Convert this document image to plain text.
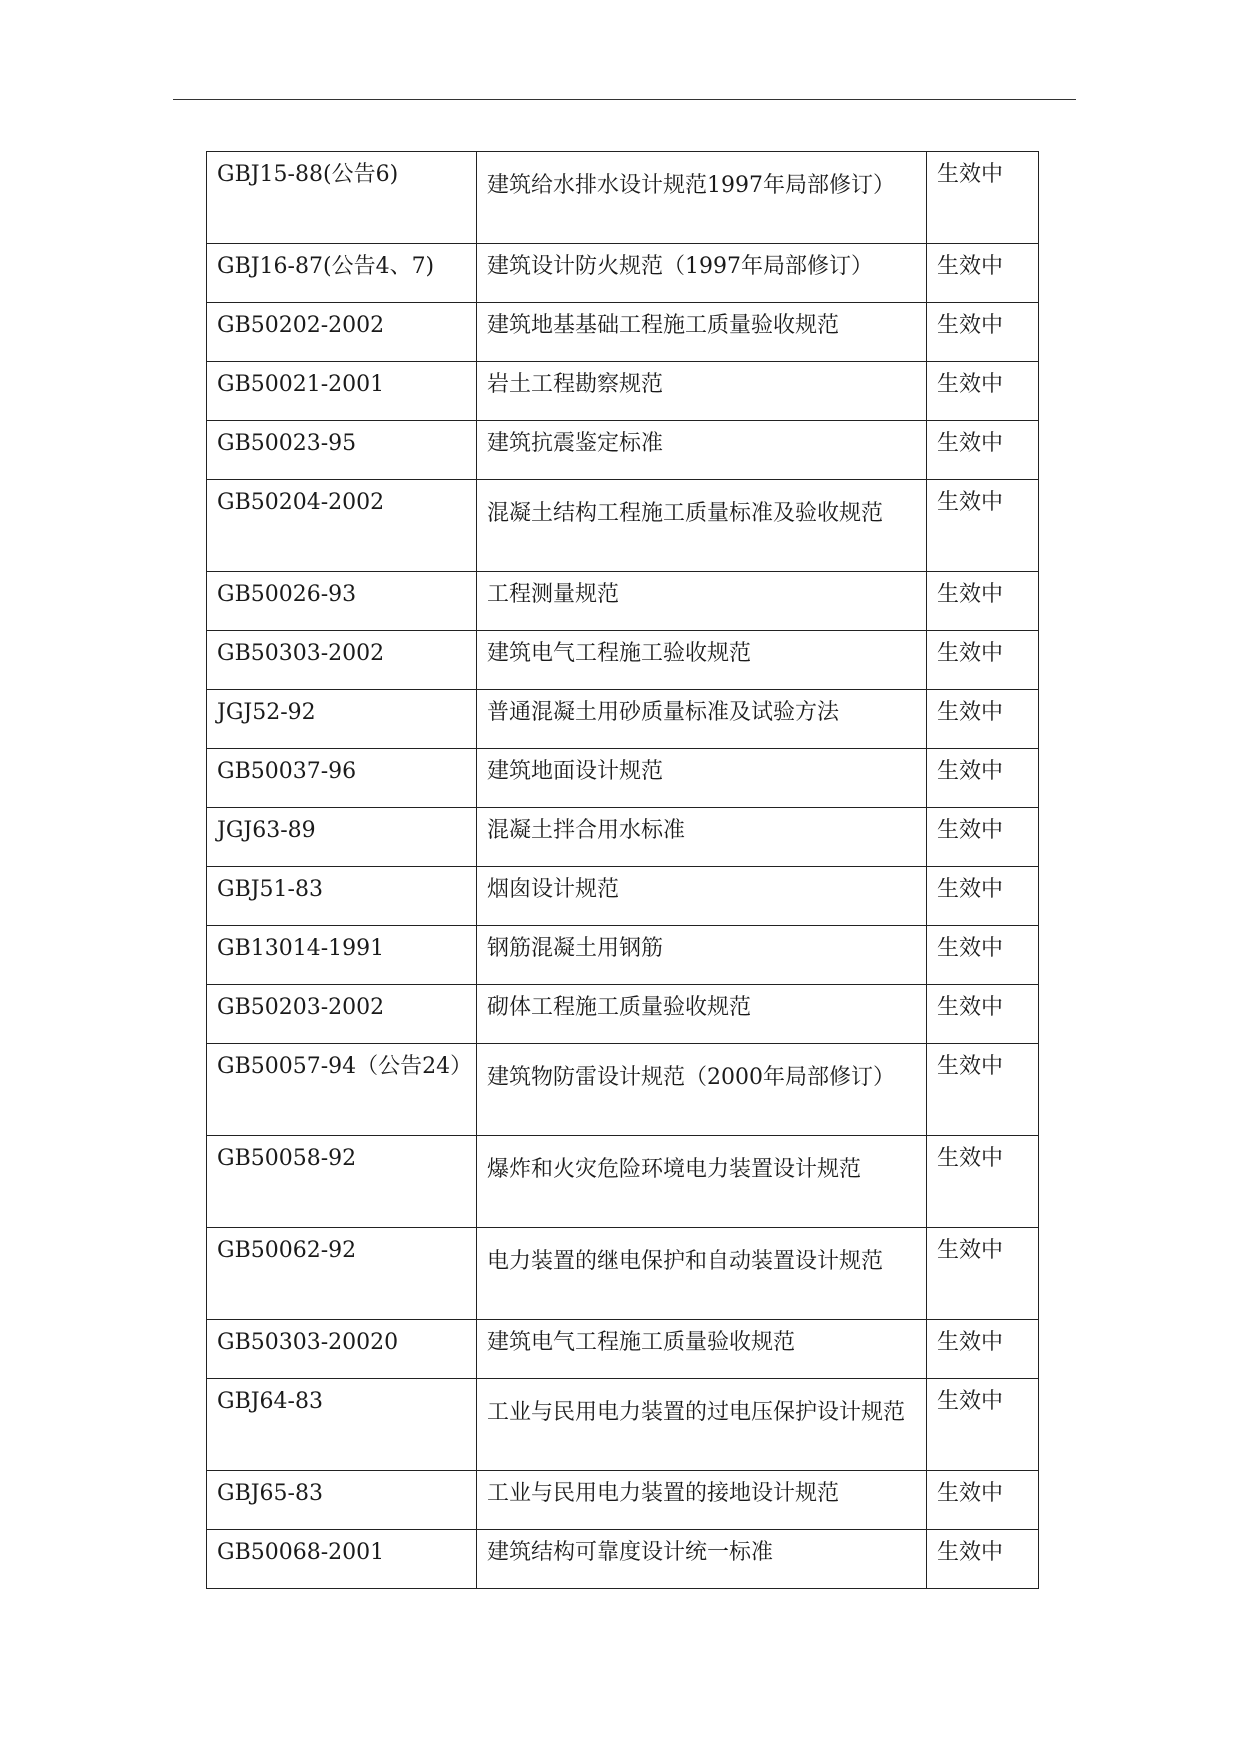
GBJ15-88(公告6)	建筑给水排水设计规范1997年局部修订）	生效中
GBJ16-87(公告4、7)	建筑设计防火规范（1997年局部修订）	生效中
GB50202-2002	建筑地基基础工程施工质量验收规范	生效中
GB50021-2001	岩土工程勘察规范	生效中
GB50023-95	建筑抗震鉴定标准	生效中
GB50204-2002	混凝土结构工程施工质量标准及验收规范	生效中
GB50026-93	工程测量规范	生效中
GB50303-2002	建筑电气工程施工验收规范	生效中
JGJ52-92	普通混凝土用砂质量标准及试验方法	生效中
GB50037-96	建筑地面设计规范	生效中
JGJ63-89	混凝土拌合用水标准	生效中
GBJ51-83	烟囱设计规范	生效中
GB13014-1991	钢筋混凝土用钢筋	生效中
GB50203-2002	砌体工程施工质量验收规范	生效中
GB50057-94（公告24）	建筑物防雷设计规范（2000年局部修订）	生效中
GB50058-92	爆炸和火灾危险环境电力装置设计规范	生效中
GB50062-92	电力装置的继电保护和自动装置设计规范	生效中
GB50303-20020	建筑电气工程施工质量验收规范	生效中
GBJ64-83	工业与民用电力装置的过电压保护设计规范	生效中
GBJ65-83	工业与民用电力装置的接地设计规范	生效中
GB50068-2001	建筑结构可靠度设计统一标准	生效中
